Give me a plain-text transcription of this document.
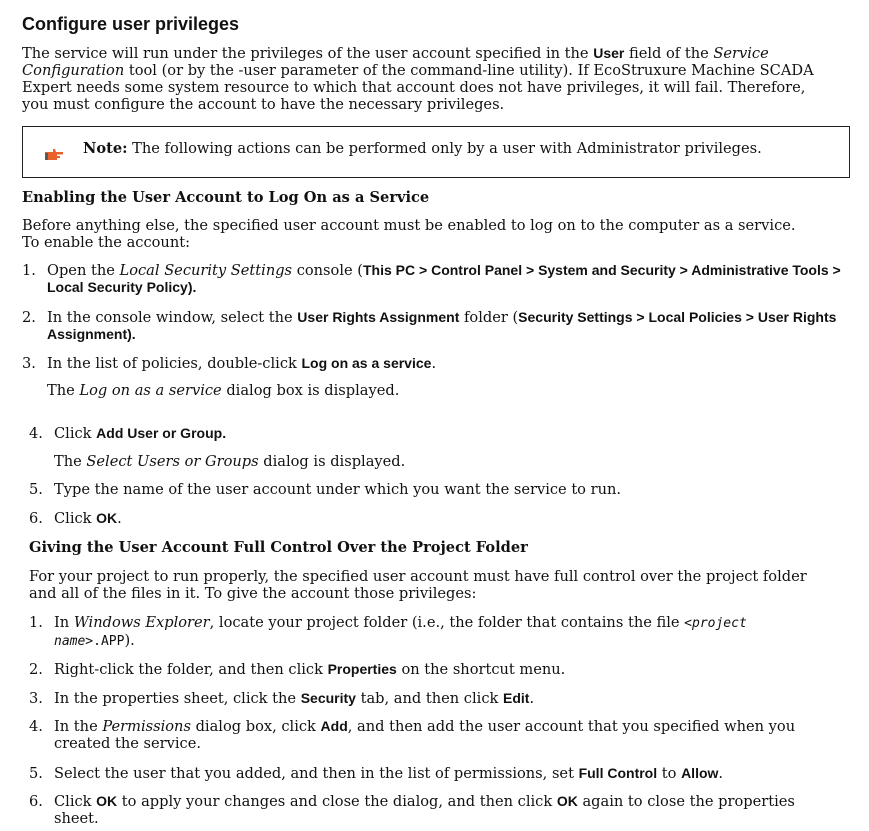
Configure user privileges
The service will run under the privileges of the user account specified in the User field of the Service
Configuration tool (or by the -user parameter of the command-line utility). If EcoStruxure Machine SCADA
Expert needs some system resource to which that account does not have privileges, it will fail. Therefore,
you must configure the account to have the necessary privileges.
Note: The following actions can be performed only by a user with Administrator privileges.
Enabling the User Account to Log On as a Service
Before anything else, the specified user account must be enabled to log on to the computer as a service.
To enable the account:
1. Open the Local Security Settings console (This PC > Control Panel > System and Security > Administrative Tools >
Local Security Policy).
2. In the console window, select the User Rights Assignment folder (Security Settings > Local Policies > User Rights
Assignment).
3. In the list of policies, double-click Log on as a service.
The Log on as a service dialog box is displayed.
4. Click Add User or Group.
The Select Users or Groups dialog is displayed.
5. Type the name of the user account under which you want the service to run.
6. Click OK.
Giving the User Account Full Control Over the Project Folder
For your project to run properly, the specified user account must have full control over the project folder
and all of the files in it. To give the account those privileges:
1. In Windows Explorer, locate your project folder (i.e., the folder that contains the file <project
name>.APP).
2. Right-click the folder, and then click Properties on the shortcut menu.
3. In the properties sheet, click the Security tab, and then click Edit.
4. In the Permissions dialog box, click Add, and then add the user account that you specified when you
created the service.
5. Select the user that you added, and then in the list of permissions, set Full Control to Allow.
6. Click OK to apply your changes and close the dialog, and then click OK again to close the properties
sheet.
